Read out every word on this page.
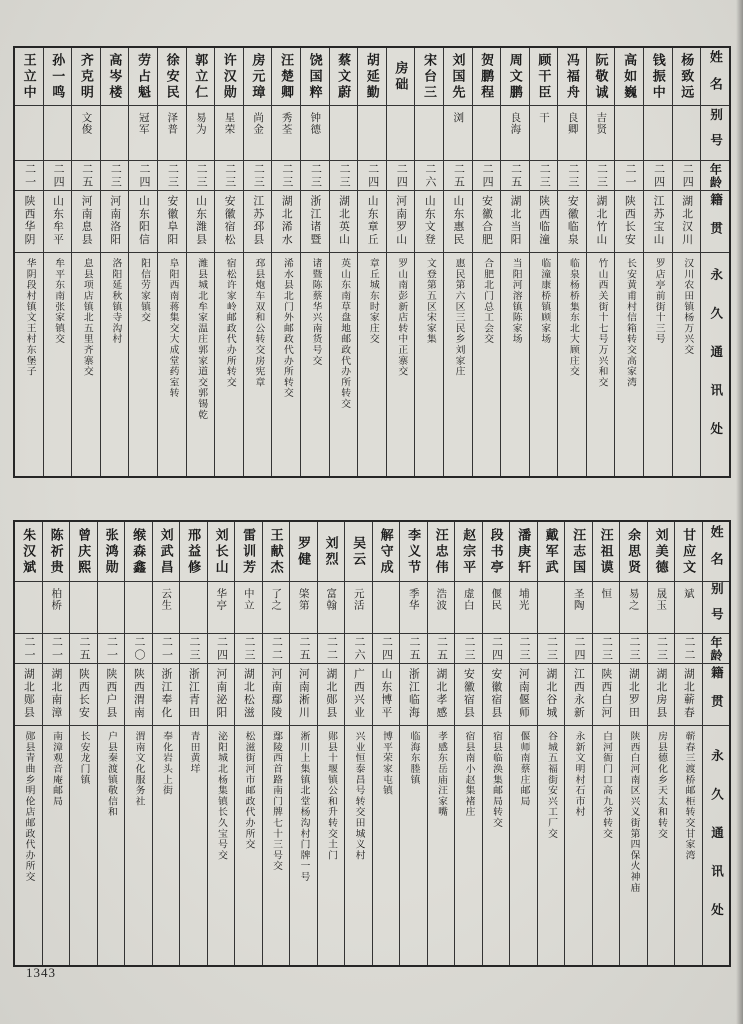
王立中
二一
陕西华阴
华阴段村镇文王村东堡子
孙一鸣
二四
山东牟平
牟平东南张家镇交
齐克明
文俊
二五
河南息县
息县项店镇北五里齐寨交
高岑楼
二三
河南洛阳
洛阳延秋镇寺沟村
劳占魁
冠军
二四
山东阳信
阳信劳家镇交
徐安民
泽普
二三
安徽阜阳
阜阳西南蒋集交大成堂药室转
郭立仁
易为
二三
山东潍县
潍县城北牟家温庄郭家道交郭锡乾
许汉勋
星荣
二三
安徽宿松
宿松许家岭邮政代办所转交
房元璋
尚金
二三
江苏邳县
邳县炮车双和公转交房宪章
汪楚卿
秀荃
二三
湖北浠水
浠水县北门外邮政代办所转交
饶国粹
钟德
二三
浙江诸暨
诸暨陈蔡华兴南货号交
蔡文蔚
二三
湖北英山
英山东南草盘地邮政代办所转交
胡延勤
二四
山东章丘
章丘城东时家庄交
房础
二四
河南罗山
罗山南彭新店转中正寨交
宋台三
二六
山东文登
文登第五区宋家集
刘国先
浏
二五
山东惠民
惠民第六区三民乡刘家庄
贺鹏程
二四
安徽合肥
合肥北门总工会交
周文鹏
良海
二五
湖北当阳
当阳河溶镇陈家场
顾干臣
干
二三
陕西临潼
临潼康桥镇顾家场
冯福舟
良卿
二三
安徽临泉
临泉杨桥集东北大顾庄交
阮敬诚
吉贤
二三
湖北竹山
竹山西关街十七号万兴和交
高如巍
二一
陕西长安
长安黄甫村信箱转交高家湾
钱振中
二四
江苏宝山
罗店亭前街十三号
杨致远
二四
湖北汉川
汉川农田镇杨万兴交
姓名
别号
年龄
籍贯
永久通讯处
朱汉斌
二一
湖北郧县
郧县青曲乡明伦店邮政代办所交
陈祈贵
柏桥
二一
湖北南漳
南漳观音庵邮局
曾庆熙
二五
陕西长安
长安龙门镇
张鸿勋
二一
陕西户县
户县秦渡镇敬信和
缑森鑫
二〇
陕西渭南
渭南文化服务社
刘武昌
云生
二一
浙江奉化
奉化岩头上街
邢益修
二三
浙江青田
青田黄垟
刘长山
华亭
二四
河南泌阳
泌阳城北杨集镇长久宝号交
雷训芳
中立
二三
湖北松滋
松滋街河市邮政代办所交
王献杰
了之
二二
河南鄢陵
鄢陵西首路南门牌七十三号交
罗健
棨第
二五
河南淅川
淅川上集镇北堂杨沟村门牌一号
刘烈
富翰
二二
湖北郧县
郧县十堰镇公和升转交土门
吴云
元活
二六
广西兴业
兴业恒泰昌号转交田城义村
解守成
二四
山东博平
博平荣家屯镇
李义节
季华
二五
浙江临海
临海东塍镇
汪忠伟
浩波
二五
湖北孝感
孝感东岳庙汪家嘴
赵宗平
虚白
二三
安徽宿县
宿县南小赵集褚庄
段书亭
偃民
二四
安徽宿县
宿县临涣集邮局转交
潘庚轩
埔光
二三
河南偃师
偃师南蔡庄邮局
戴军武
二三
湖北谷城
谷城五福街安兴工厂交
汪志国
圣陶
二四
江西永新
永新文明村石市村
汪祖谟
恒
二三
陕西白河
白河衙门口高九爷转交
余思贤
易之
二三
湖北罗田
陕西白河南区兴义街第四保火神庙
刘美德
晟玉
二三
湖北房县
房县德化乡天太和转交
甘应文
斌
二二
湖北蕲春
蕲春三渡桥邮柜转交甘家湾
姓名
别号
年龄
籍贯
永久通讯处
1343
